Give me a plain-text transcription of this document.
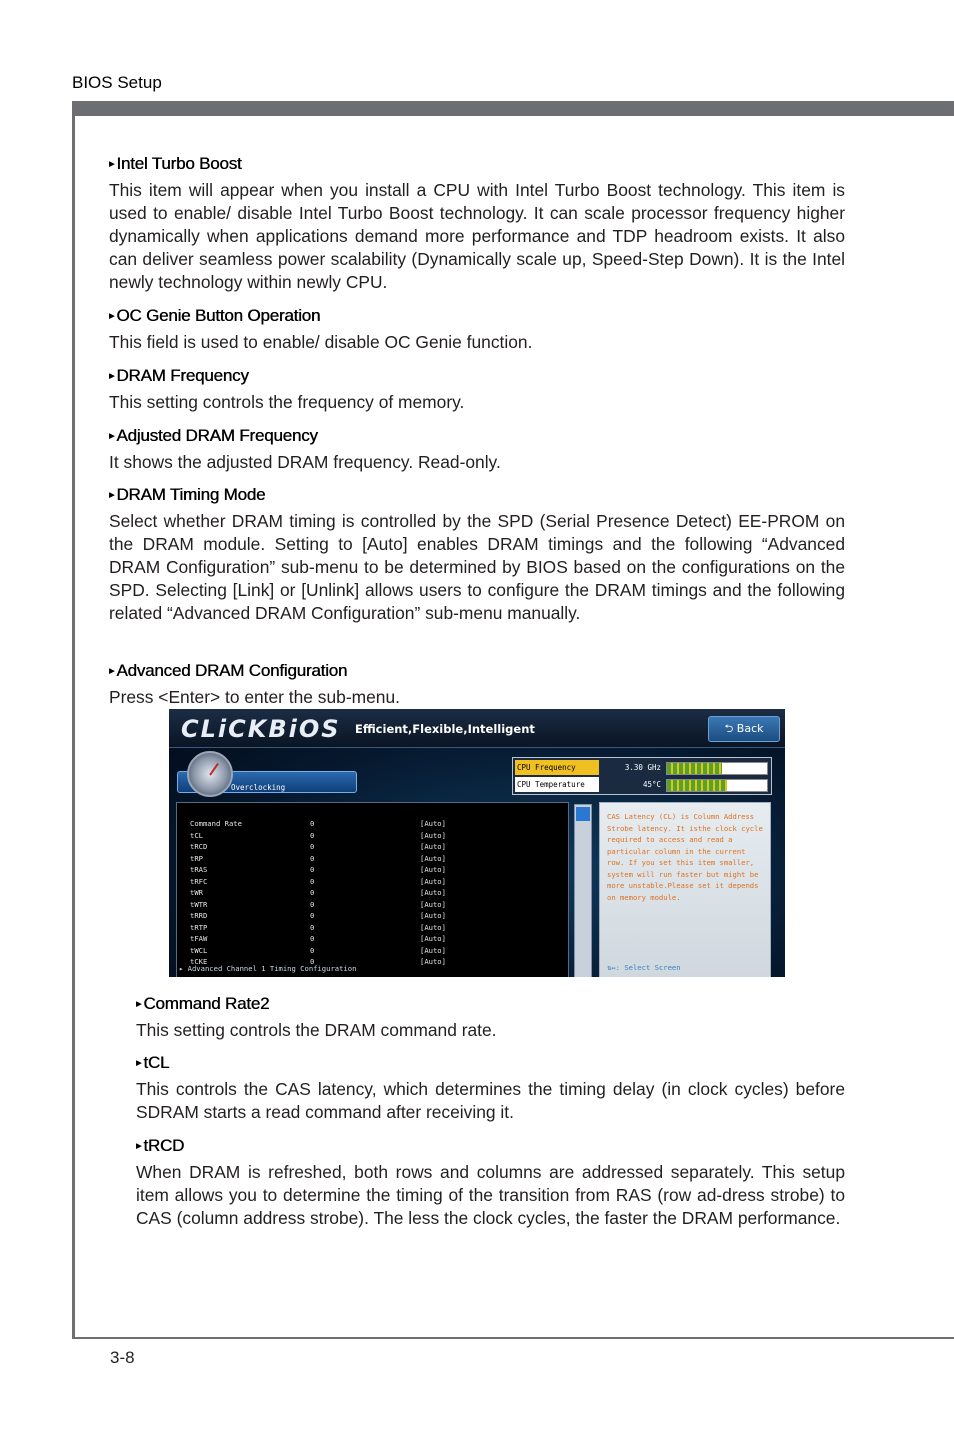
BIOS Setup
3-8
▸ Intel Turbo Boost

This item will appear when you install a CPU with Intel Turbo Boost technology. This item is used to enable/ disable Intel Turbo Boost technology. It can scale processor frequency higher dynamically when applications demand more performance and TDP headroom exists. It also can deliver seamless power scalability (Dynamically scale up, Speed-Step Down). It is the Intel newly technology within newly CPU.

▸ OC Genie Button Operation

This field is used to enable/ disable OC Genie function.

▸ DRAM Frequency

This setting controls the frequency of memory.

▸ Adjusted DRAM Frequency

It shows the adjusted DRAM frequency. Read-only.

▸ DRAM Timing Mode

Select whether DRAM timing is controlled by the SPD (Serial Presence Detect) EE-PROM on the DRAM module. Setting to [Auto] enables DRAM timings and the following “Advanced DRAM Configuration” sub-menu to be determined by BIOS based on the configurations on the SPD. Selecting [Link] or [Unlink] allows users to configure the DRAM timings and the following related “Advanced DRAM Configuration” sub-menu manually.

▸ Advanced DRAM Configuration

Press <Enter> to enter the sub-menu.

CLiCKBiOS Efficient,Flexible,Intelligent	⮌ Back
Overclocking
CPU Frequency	3.30 GHz
CPU Temperature	45°C
Command Rate	0	[Auto]
tCL	0	[Auto]
tRCD	0	[Auto]
tRP	0	[Auto]
tRAS	0	[Auto]
tRFC	0	[Auto]
tWR	0	[Auto]
tWTR	0	[Auto]
tRRD	0	[Auto]
tRTP	0	[Auto]
tFAW	0	[Auto]
tWCL	0	[Auto]
tCKE	0	[Auto]
▸ Advanced Channel 1 Timing Configuration
CAS Latency (CL) is Column Address Strobe latency. It isthe clock cycle required to access and read a particular column in the current row. If you set this item smaller, system will run faster but might be more unstable.Please set it depends on memory module.
⇅↔: Select Screen
▸ Command Rate2

This setting controls the DRAM command rate.

▸ tCL

This controls the CAS latency, which determines the timing delay (in clock cycles) before SDRAM starts a read command after receiving it.

▸ tRCD

When DRAM is refreshed, both rows and columns are addressed separately. This setup item allows you to determine the timing of the transition from RAS (row ad-dress strobe) to CAS (column address strobe). The less the clock cycles, the faster the DRAM performance.
